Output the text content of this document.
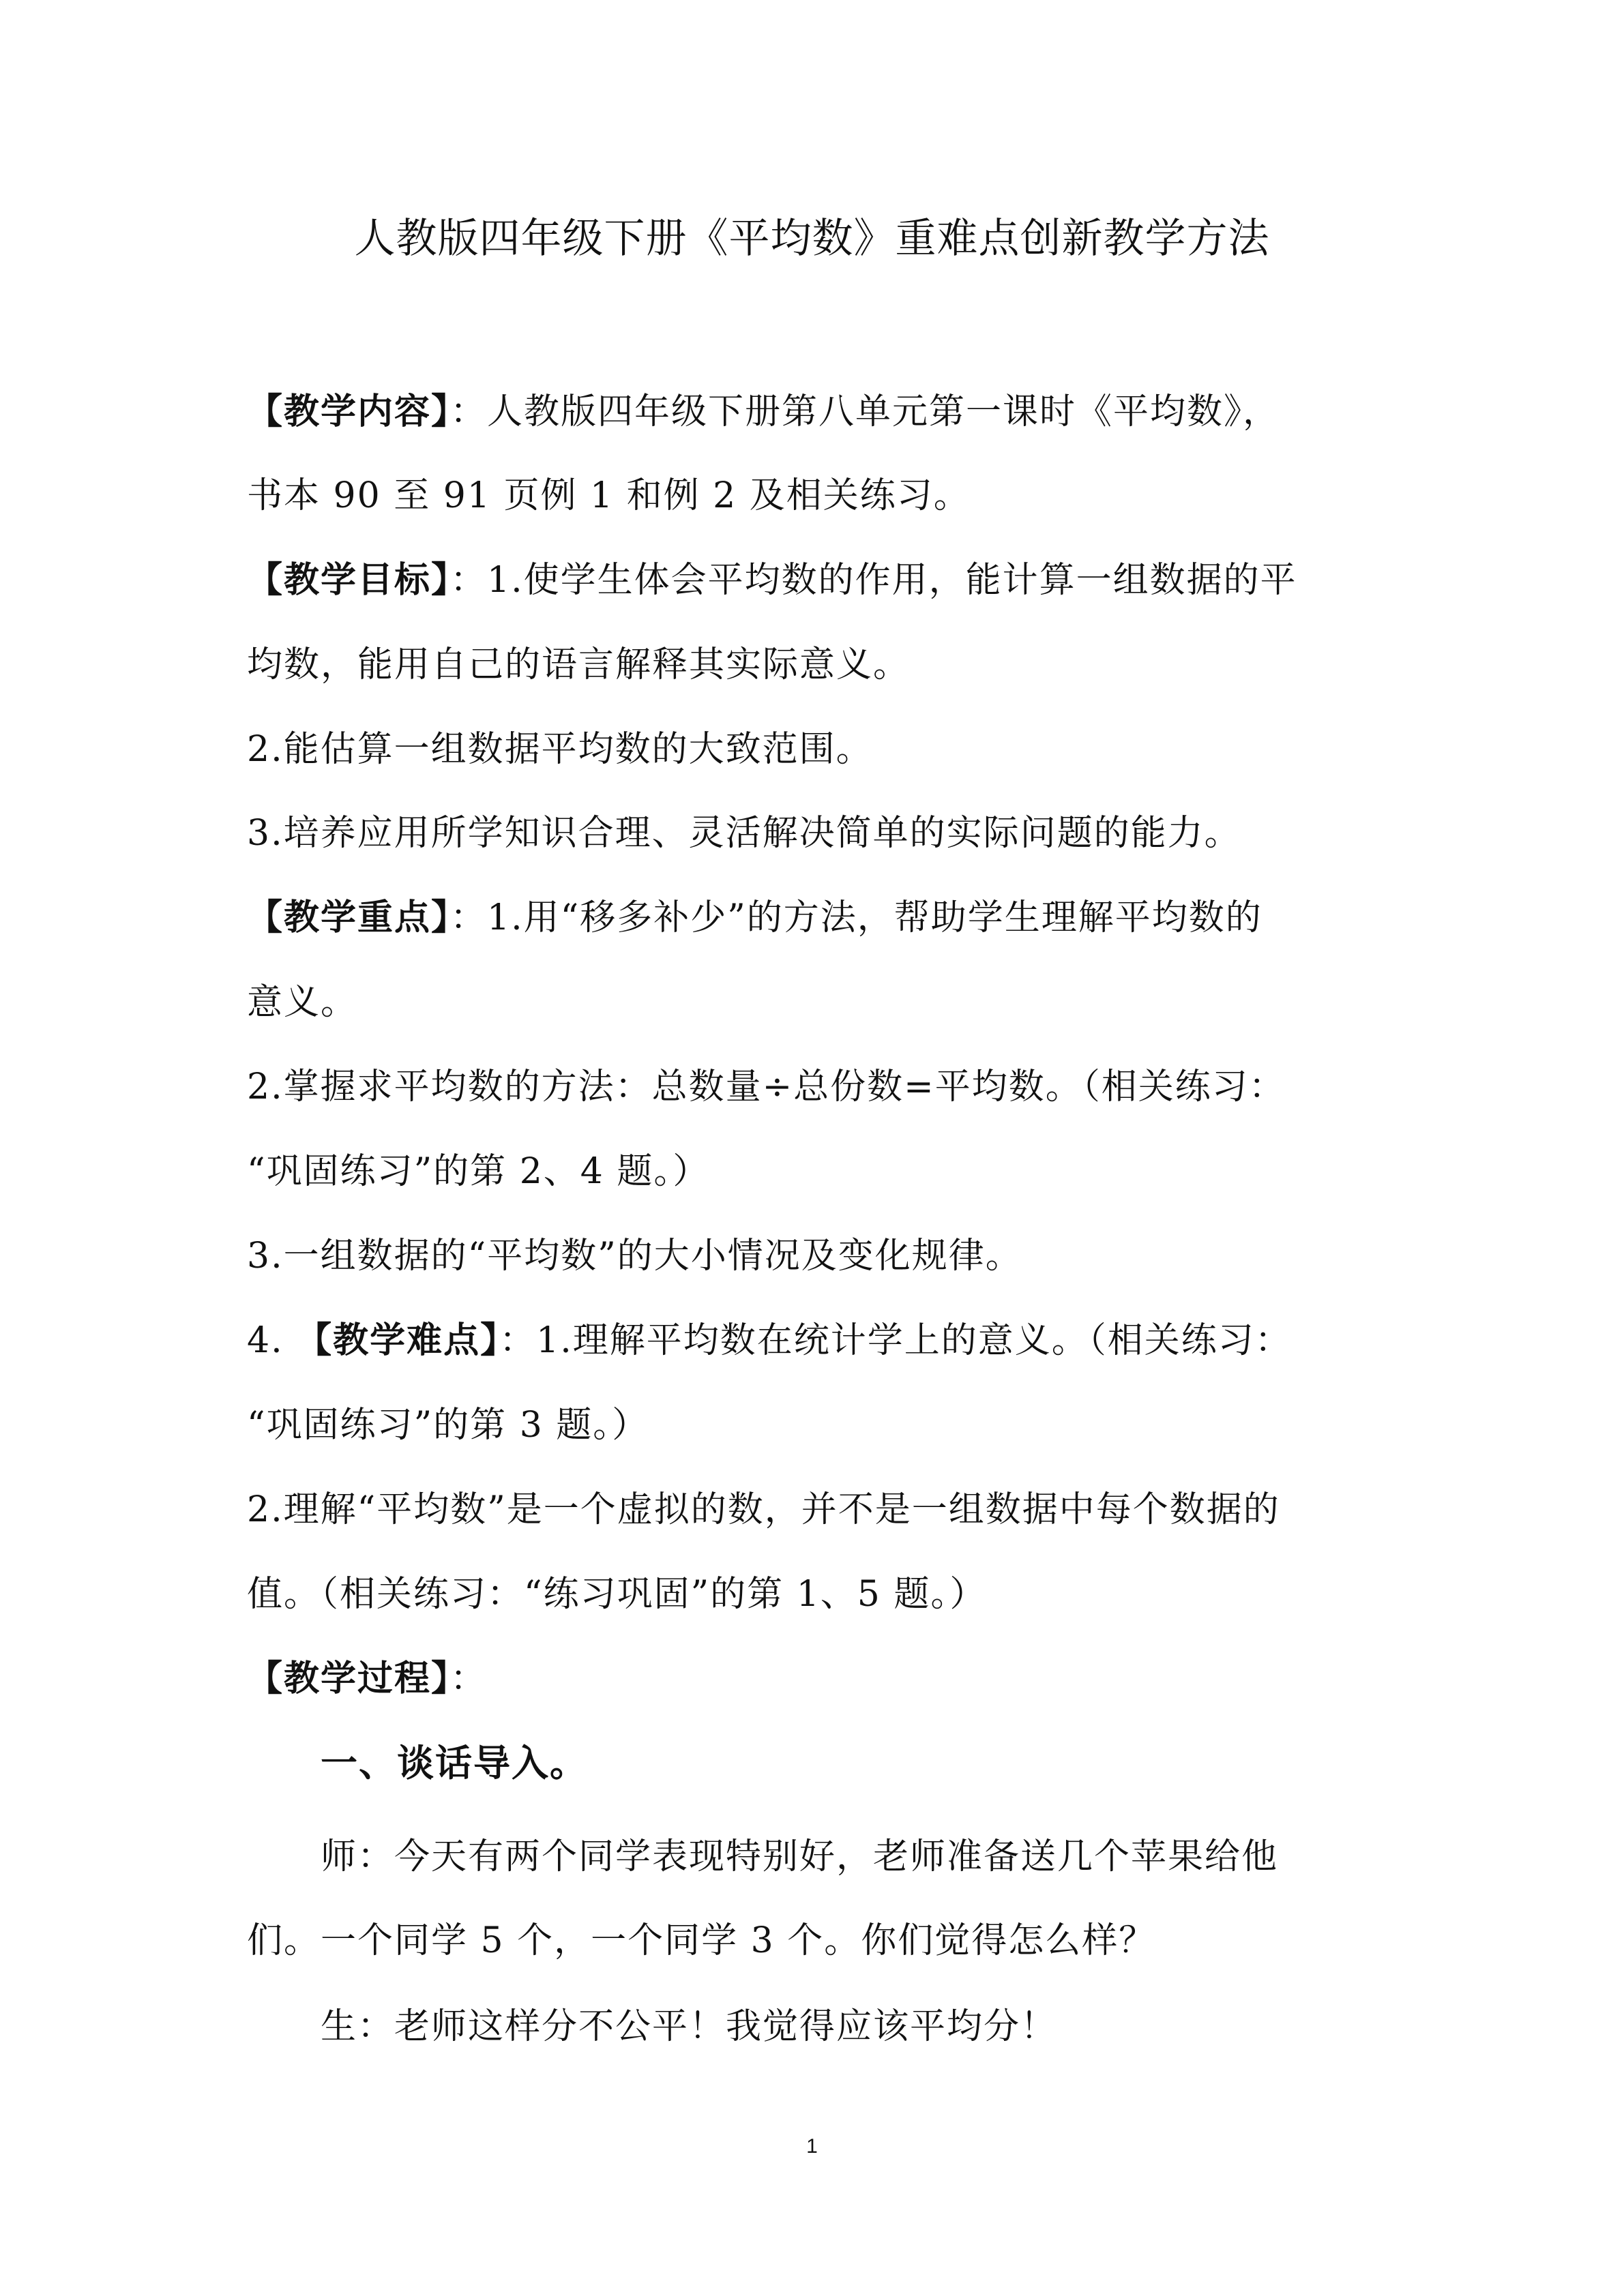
人教版四年级下册《平均数》重难点创新教学方法
【教学内容】：人教版四年级下册第八单元第一课时《平均数》，
书本 90 至 91 页例 1 和例 2 及相关练习。
【教学目标】：1.使学生体会平均数的作用，能计算一组数据的平
均数，能用自己的语言解释其实际意义。
2.能估算一组数据平均数的大致范围。
3.培养应用所学知识合理、灵活解决简单的实际问题的能力。
【教学重点】：1.用“移多补少”的方法，帮助学生理解平均数的
意义。
2.掌握求平均数的方法：总数量÷总份数=平均数。（相关练习：
“巩固练习”的第 2、4 题。）
3.一组数据的“平均数”的大小情况及变化规律。
4. 【教学难点】：1.理解平均数在统计学上的意义。（相关练习：
“巩固练习”的第 3 题。）
2.理解“平均数”是一个虚拟的数，并不是一组数据中每个数据的
值。（相关练习：“练习巩固”的第 1、5 题。）
【教学过程】：
一、谈话导入。
师：今天有两个同学表现特别好，老师准备送几个苹果给他
们。一个同学 5 个，一个同学 3 个。你们觉得怎么样？
生：老师这样分不公平！我觉得应该平均分！
1
